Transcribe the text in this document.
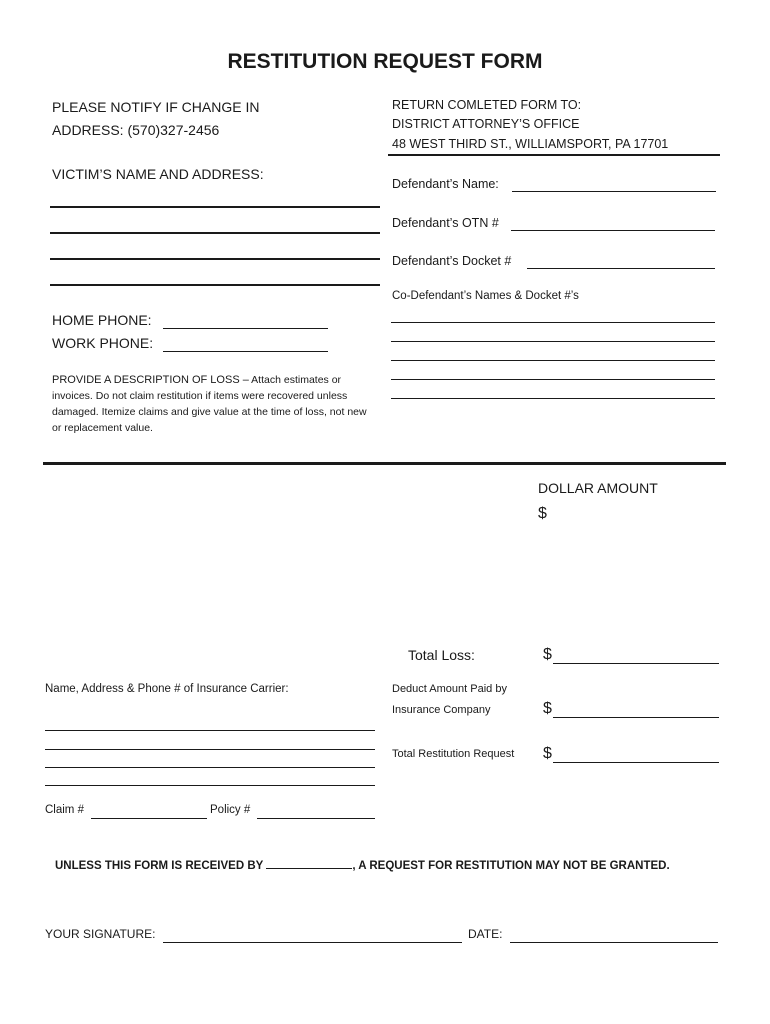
RESTITUTION REQUEST FORM
PLEASE NOTIFY IF CHANGE IN
ADDRESS: (570)327-2456
RETURN COMLETED FORM TO:
DISTRICT ATTORNEY’S OFFICE
48 WEST THIRD ST., WILLIAMSPORT, PA 17701
VICTIM’S NAME AND ADDRESS:
Defendant’s Name:
Defendant’s OTN #
Defendant’s Docket #
Co-Defendant’s Names & Docket #’s
HOME PHONE:
WORK PHONE:
PROVIDE A DESCRIPTION OF LOSS – Attach estimates or invoices. Do not claim restitution if items were recovered unless damaged. Itemize claims and give value at the time of loss, not new or replacement value.
DOLLAR AMOUNT
$
Total Loss:	$
Deduct Amount Paid by
Insurance Company	$
Total Restitution Request $
Name, Address & Phone # of Insurance Carrier:
Claim #	Policy #
UNLESS THIS FORM IS RECEIVED BY	, A REQUEST FOR RESTITUTION MAY NOT BE GRANTED.
YOUR SIGNATURE:	DATE:
